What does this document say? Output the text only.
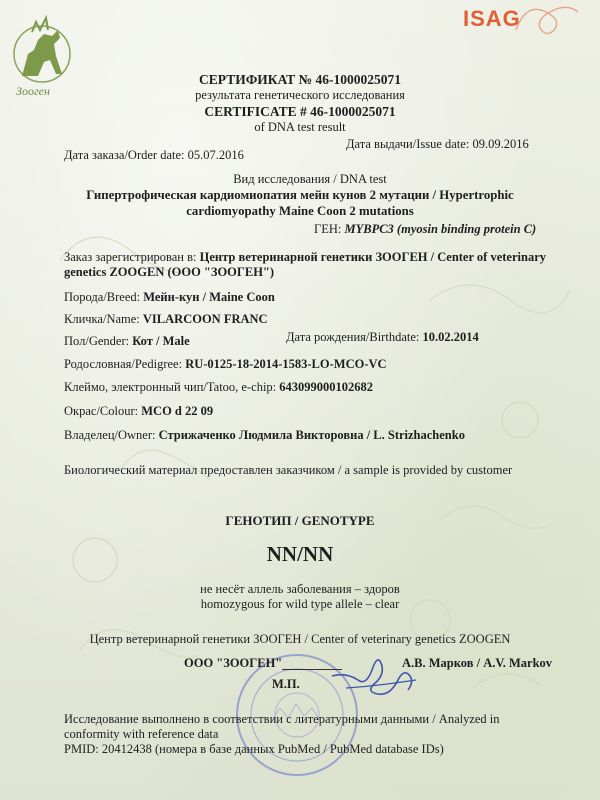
Зооген
ISAG
СЕРТИФИКАТ № 46-1000025071
результата генетического исследования
CERTIFICATE # 46-1000025071
of DNA test result
Дата заказа/Order date: 05.07.2016
Дата выдачи/Issue date: 09.09.2016
Вид исследования / DNA test
Гипертрофическая кардиомиопатия мейн кунов 2 мутации / Hypertrophic
cardiomyopathy Maine Coon 2 mutations
ГЕН: MYBPC3 (myosin binding protein C)
Заказ зарегистрирован в: Центр ветеринарной генетики ЗООГЕН / Center of veterinary
genetics ZOOGEN (ООО "ЗООГЕН")
Порода/Breed: Мейн-кун / Maine Coon
Кличка/Name: VILARCOON FRANC
Пол/Gender: Кот / Male	Дата рождения/Birthdate: 10.02.2014
Родословная/Pedigree: RU-0125-18-2014-1583-LO-MCO-VC
Клеймо, электронный чип/Tatoo, e-chip: 643099000102682
Окрас/Colour: MCO d 22 09
Владелец/Owner: Стрижаченко Людмила Викторовна / L. Strizhachenko
Биологический материал предоставлен заказчиком / a sample is provided by customer
ГЕНОТИП / GENOTYPE
NN/NN
не несёт аллель заболевания – здоров
homozygous for wild type allele – clear
Центр ветеринарной генетики ЗООГЕН / Center of veterinary genetics ZOOGEN
ООО "ЗООГЕН"	А.В. Марков / A.V. Markov
М.П.
Исследование выполнено в соответствии с литературными данными / Analyzed in
conformity with reference data
PMID: 20412438 (номера в базе данных PubMed / PubMed database IDs)
